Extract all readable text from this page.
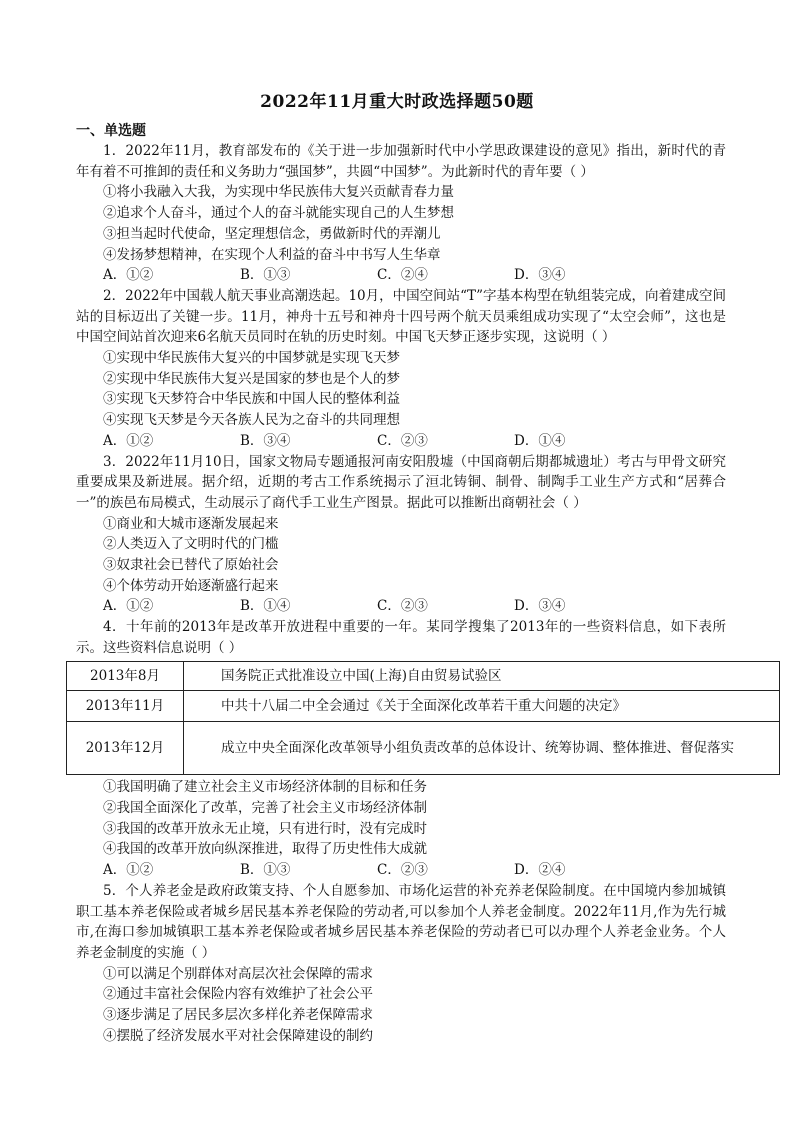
2022年11月重大时政选择题50题
一、单选题

1．2022年11月，教育部发布的《关于进一步加强新时代中小学思政课建设的意见》指出，新时代的青年有着不可推卸的责任和义务助力“强国梦”，共圆“中国梦”。为此新时代的青年要（ ）

①将小我融入大我，为实现中华民族伟大复兴贡献青春力量

②追求个人奋斗，通过个人的奋斗就能实现自己的人生梦想

③担当起时代使命，坚定理想信念，勇做新时代的弄潮儿

④发扬梦想精神，在实现个人利益的奋斗中书写人生华章

A．①②	B．①③	C．②④	D．③④

2．2022年中国载人航天事业高潮迭起。10月，中国空间站“T”字基本构型在轨组装完成，向着建成空间站的目标迈出了关键一步。11月，神舟十五号和神舟十四号两个航天员乘组成功实现了“太空会师”，这也是中国空间站首次迎来6名航天员同时在轨的历史时刻。中国飞天梦正逐步实现，这说明（ ）

①实现中华民族伟大复兴的中国梦就是实现飞天梦

②实现中华民族伟大复兴是国家的梦也是个人的梦

③实现飞天梦符合中华民族和中国人民的整体利益

④实现飞天梦是今天各族人民为之奋斗的共同理想

A．①②	B．③④	C．②③	D．①④

3．2022年11月10日，国家文物局专题通报河南安阳殷墟（中国商朝后期都城遗址）考古与甲骨文研究重要成果及新进展。据介绍，近期的考古工作系统揭示了洹北铸铜、制骨、制陶手工业生产方式和“居葬合一”的族邑布局模式，生动展示了商代手工业生产图景。据此可以推断出商朝社会（ ）

①商业和大城市逐渐发展起来

②人类迈入了文明时代的门槛

③奴隶社会已替代了原始社会

④个体劳动开始逐渐盛行起来

A．①②	B．①④	C．②③	D．③④

4．十年前的2013年是改革开放进程中重要的一年。某同学搜集了2013年的一些资料信息，如下表所示。这些资料信息说明（ ）

2013年8月	国务院正式批准设立中国(上海)自由贸易试验区
2013年11月	中共十八届二中全会通过《关于全面深化改革若干重大问题的决定》
2013年12月	成立中央全面深化改革领导小组负责改革的总体设计、统筹协调、整体推进、督促落实

①我国明确了建立社会主义市场经济体制的目标和任务

②我国全面深化了改革，完善了社会主义市场经济体制

③我国的改革开放永无止境，只有进行时，没有完成时

④我国的改革开放向纵深推进，取得了历史性伟大成就

A．①②	B．①③	C．②③	D．②④

5．个人养老金是政府政策支持、个人自愿参加、市场化运营的补充养老保险制度。在中国境内参加城镇职工基本养老保险或者城乡居民基本养老保险的劳动者,可以参加个人养老金制度。2022年11月,作为先行城市,在海口参加城镇职工基本养老保险或者城乡居民基本养老保险的劳动者已可以办理个人养老金业务。个人养老金制度的实施（ ）

①可以满足个别群体对高层次社会保障的需求

②通过丰富社会保险内容有效维护了社会公平

③逐步满足了居民多层次多样化养老保障需求

④摆脱了经济发展水平对社会保障建设的制约
